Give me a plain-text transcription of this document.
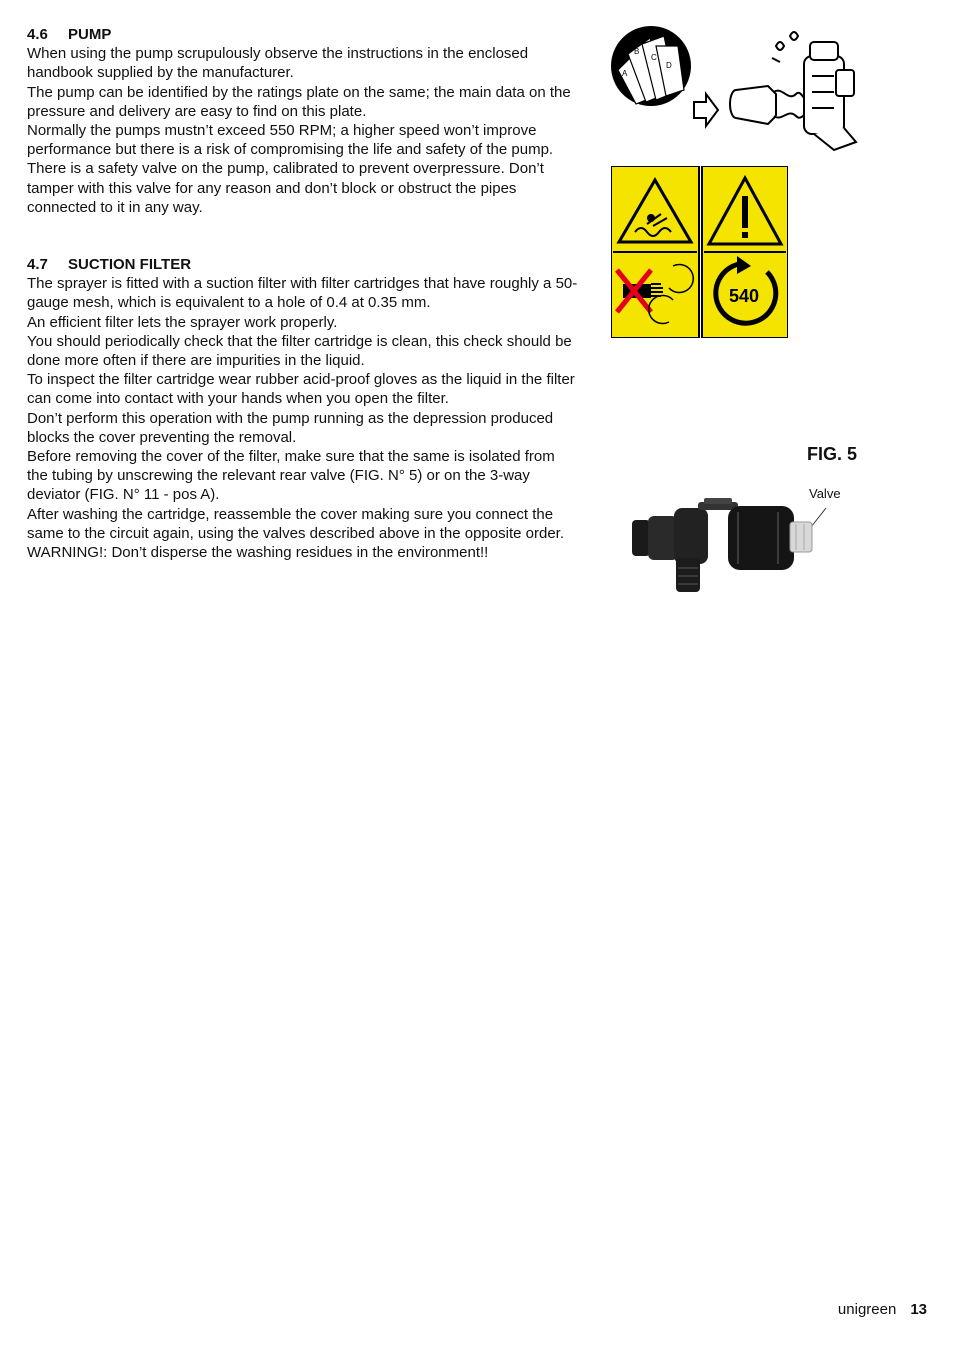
4.6 PUMP

When using the pump scrupulously observe the instructions in the enclosed handbook supplied by the manufacturer.

The pump can be identified by the ratings plate on the same; the main data on the pressure and delivery are easy to find on this plate.

Normally the pumps mustn’t exceed 550 RPM; a higher speed won’t improve performance but there is a risk of compromising the life and safety of the pump.

There is a safety valve on the pump, calibrated to prevent overpressure. Don’t tamper with this valve for any reason and don’t block or obstruct the pipes connected to it in any way.

4.7 SUCTION FILTER

The sprayer is fitted with a suction filter with filter cartridges that have roughly a 50-gauge mesh, which is equivalent to a hole of 0.4 at 0.35 mm.

An efficient filter lets the sprayer work properly.

You should periodically check that the filter cartridge is clean, this check should be done more often if there are impurities in the liquid.

To inspect the filter cartridge wear rubber acid-proof gloves as the liquid in the filter can come into contact with your hands when you open the filter.

Don’t perform this operation with the pump running as the depression produced blocks the cover preventing the removal.

Before removing the cover of the filter, make sure that the same is isolated from the tubing by unscrewing the relevant rear valve (FIG. N° 5) or on the 3-way deviator (FIG. N° 11 - pos A).

After washing the cartridge, reassemble the cover making sure you connect the same to the circuit again, using the valves described above in the opposite order.

WARNING!: Don’t disperse the washing residues in the environment!!

A
B
C
D
540
FIG. 5
Valve
unigreen 13
